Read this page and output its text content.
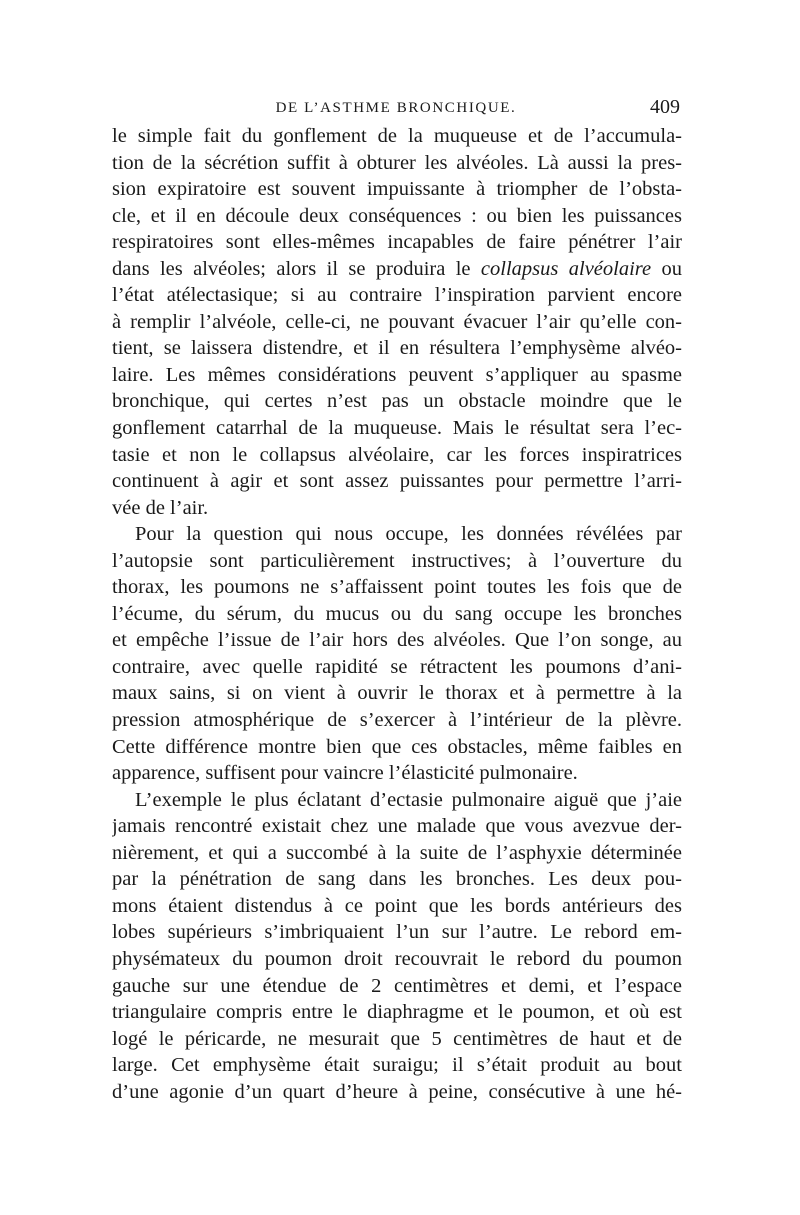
DE L’ASTHME BRONCHIQUE.	409
le simple fait du gonflement de la muqueuse et de l’accumula-
tion de la sécrétion suffit à obturer les alvéoles. Là aussi la pres-
sion expiratoire est souvent impuissante à triompher de l’obsta-
cle, et il en découle deux conséquences : ou bien les puissances
respiratoires sont elles-mêmes incapables de faire pénétrer l’air
dans les alvéoles; alors il se produira le collapsus alvéolaire ou
l’état atélectasique; si au contraire l’inspiration parvient encore
à remplir l’alvéole, celle-ci, ne pouvant évacuer l’air qu’elle con-
tient, se laissera distendre, et il en résultera l’emphysème alvéo-
laire. Les mêmes considérations peuvent s’appliquer au spasme
bronchique, qui certes n’est pas un obstacle moindre que le
gonflement catarrhal de la muqueuse. Mais le résultat sera l’ec-
tasie et non le collapsus alvéolaire, car les forces inspiratrices
continuent à agir et sont assez puissantes pour permettre l’arri-
vée de l’air.
Pour la question qui nous occupe, les données révélées par
l’autopsie sont particulièrement instructives; à l’ouverture du
thorax, les poumons ne s’affaissent point toutes les fois que de
l’écume, du sérum, du mucus ou du sang occupe les bronches
et empêche l’issue de l’air hors des alvéoles. Que l’on songe, au
contraire, avec quelle rapidité se rétractent les poumons d’ani-
maux sains, si on vient à ouvrir le thorax et à permettre à la
pression atmosphérique de s’exercer à l’intérieur de la plèvre.
Cette différence montre bien que ces obstacles, même faibles en
apparence, suffisent pour vaincre l’élasticité pulmonaire.
L’exemple le plus éclatant d’ectasie pulmonaire aiguë que j’aie
jamais rencontré existait chez une malade que vous avezvue der-
nièrement, et qui a succombé à la suite de l’asphyxie déterminée
par la pénétration de sang dans les bronches. Les deux pou-
mons étaient distendus à ce point que les bords antérieurs des
lobes supérieurs s’imbriquaient l’un sur l’autre. Le rebord em-
physémateux du poumon droit recouvrait le rebord du poumon
gauche sur une étendue de 2 centimètres et demi, et l’espace
triangulaire compris entre le diaphragme et le poumon, et où est
logé le péricarde, ne mesurait que 5 centimètres de haut et de
large. Cet emphysème était suraigu; il s’était produit au bout
d’une agonie d’un quart d’heure à peine, consécutive à une hé-
